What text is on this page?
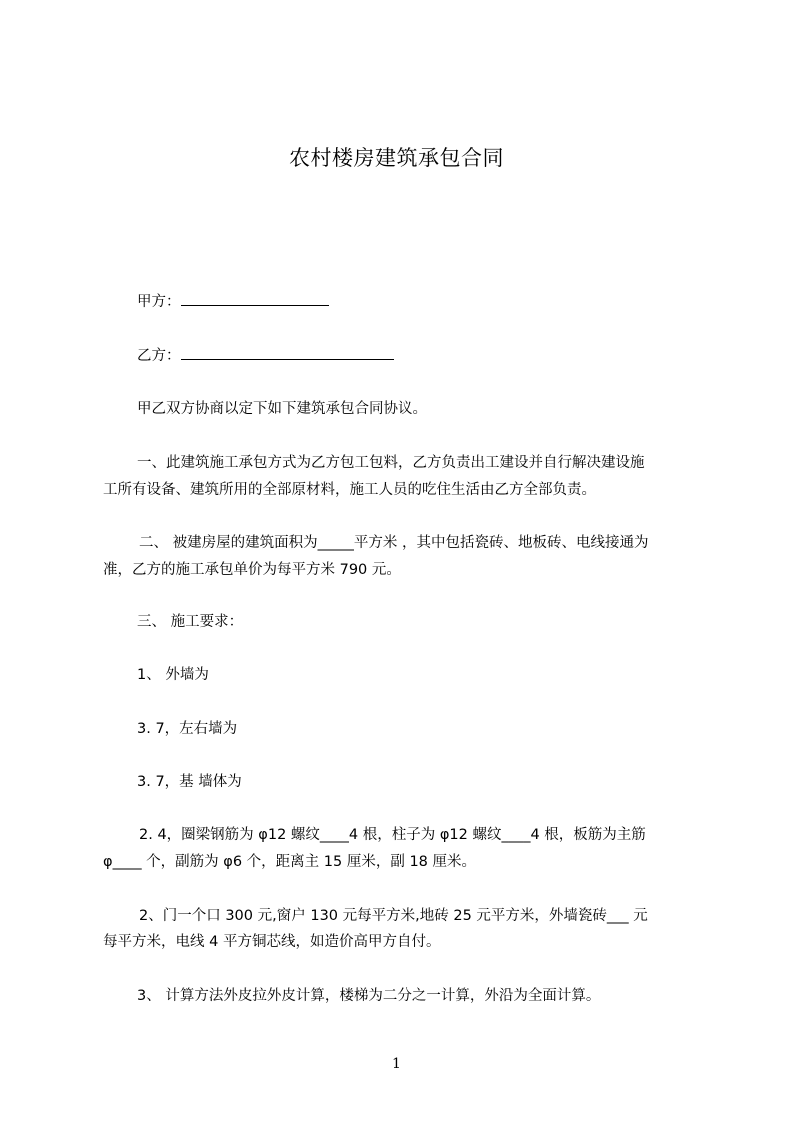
农村楼房建筑承包合同
甲方：
乙方：
甲乙双方协商以定下如下建筑承包合同协议。
一、此建筑施工承包方式为乙方包工包料，乙方负责出工建设并自行解决建设施
工所有设备、建筑所用的全部原材料，施工人员的吃住生活由乙方全部负责。
二、 被建房屋的建筑面积为_____平方米 ，其中包括瓷砖、地板砖、电线接通为
准，乙方的施工承包单价为每平方米 790 元。
三、 施工要求：
1、 外墙为
3. 7，左右墙为
3. 7，基 墙体为
2. 4，圈梁钢筋为 φ12 螺纹____4 根，柱子为 φ12 螺纹____4 根，板筋为主筋
φ____ 个，副筋为 φ6 个，距离主 15 厘米，副 18 厘米。
2、门一个口 300 元,窗户 130 元每平方米,地砖 25 元平方米，外墙瓷砖___ 元
每平方米，电线 4 平方铜芯线，如造价高甲方自付。
3、 计算方法外皮拉外皮计算，楼梯为二分之一计算，外沿为全面计算。
1
